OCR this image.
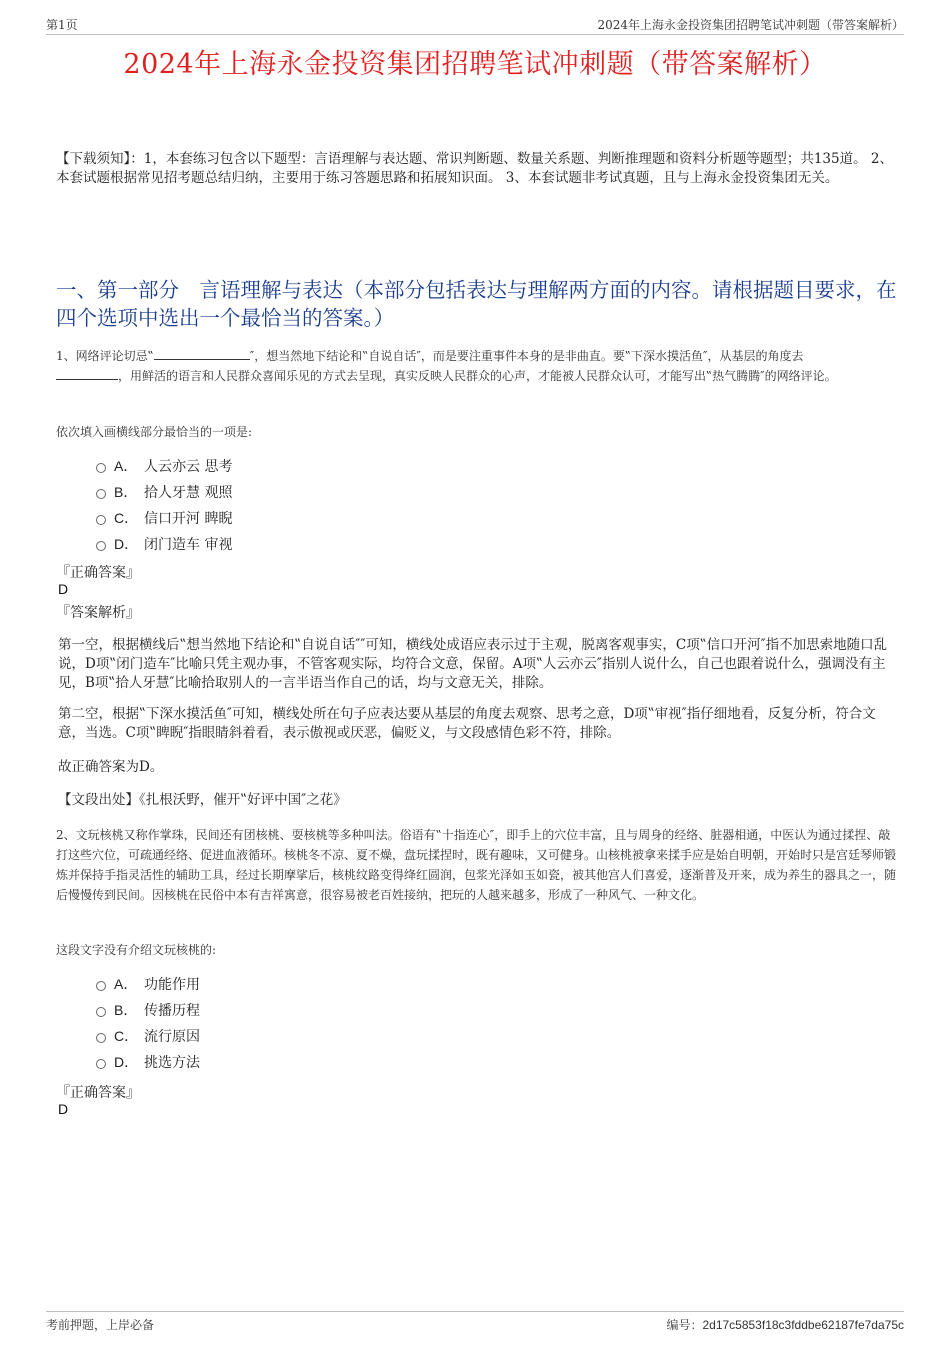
第1页	2024年上海永金投资集团招聘笔试冲刺题（带答案解析）
2024年上海永金投资集团招聘笔试冲刺题（带答案解析）
【下载须知】：1，本套练习包含以下题型：言语理解与表达题、常识判断题、数量关系题、判断推理题和资料分析题等题型；共135道。 2、本套试题根据常见招考题总结归纳，主要用于练习答题思路和拓展知识面。 3、本套试题非考试真题，且与上海永金投资集团无关。
一、第一部分　言语理解与表达（本部分包括表达与理解两方面的内容。请根据题目要求，在四个选项中选出一个最恰当的答案。）
1、网络评论切忌‟	″，想当然地下结论和‟自说自话″，而是要注重事件本身的是非曲直。要‟下深水摸活鱼″，从基层的角度去
，用鲜活的语言和人民群众喜闻乐见的方式去呈现，真实反映人民群众的心声，才能被人民群众认可，才能写出‟热气腾腾″的网络评论。
依次填入画横线部分最恰当的一项是:
A． 人云亦云 思考
B． 拾人牙慧 观照
C． 信口开河 睥睨
D． 闭门造车 审视
『正确答案』
D
『答案解析』
第一空，根据横线后‟想当然地下结论和‟自说自话″″可知，横线处成语应表示过于主观，脱离客观事实，C项‟信口开河″指不加思索地随口乱说，D项‟闭门造车″比喻只凭主观办事，不管客观实际，均符合文意，保留。A项‟人云亦云″指别人说什么，自己也跟着说什么，强调没有主见，B项‟拾人牙慧″比喻拾取别人的一言半语当作自己的话，均与文意无关，排除。
第二空，根据‟下深水摸活鱼″可知，横线处所在句子应表达要从基层的角度去观察、思考之意，D项‟审视″指仔细地看，反复分析，符合文意，当选。C项‟睥睨″指眼睛斜着看，表示傲视或厌恶，偏贬义，与文段感情色彩不符，排除。
故正确答案为D。
【文段出处】《扎根沃野，催开‟好评中国″之花》
2、文玩核桃又称作掌珠，民间还有团核桃、耍核桃等多种叫法。俗语有‟十指连心″，即手上的穴位丰富，且与周身的经络、脏器相通，中医认为通过揉捏、敲打这些穴位，可疏通经络、促进血液循环。核桃冬不凉、夏不燥，盘玩揉捏时，既有趣味，又可健身。山核桃被拿来揉手应是始自明朝，开始时只是宫廷琴师锻炼并保持手指灵活性的辅助工具，经过长期摩挲后，核桃纹路变得绛红圆润，包浆光泽如玉如瓷，被其他宫人们喜爱，逐渐普及开来，成为养生的器具之一，随后慢慢传到民间。因核桃在民俗中本有吉祥寓意，很容易被老百姓接纳，把玩的人越来越多，形成了一种风气、一种文化。
这段文字没有介绍文玩核桃的:
A． 功能作用
B． 传播历程
C． 流行原因
D． 挑选方法
『正确答案』
D
考前押题，上岸必备	编号：2d17c5853f18c3fddbe62187fe7da75c
